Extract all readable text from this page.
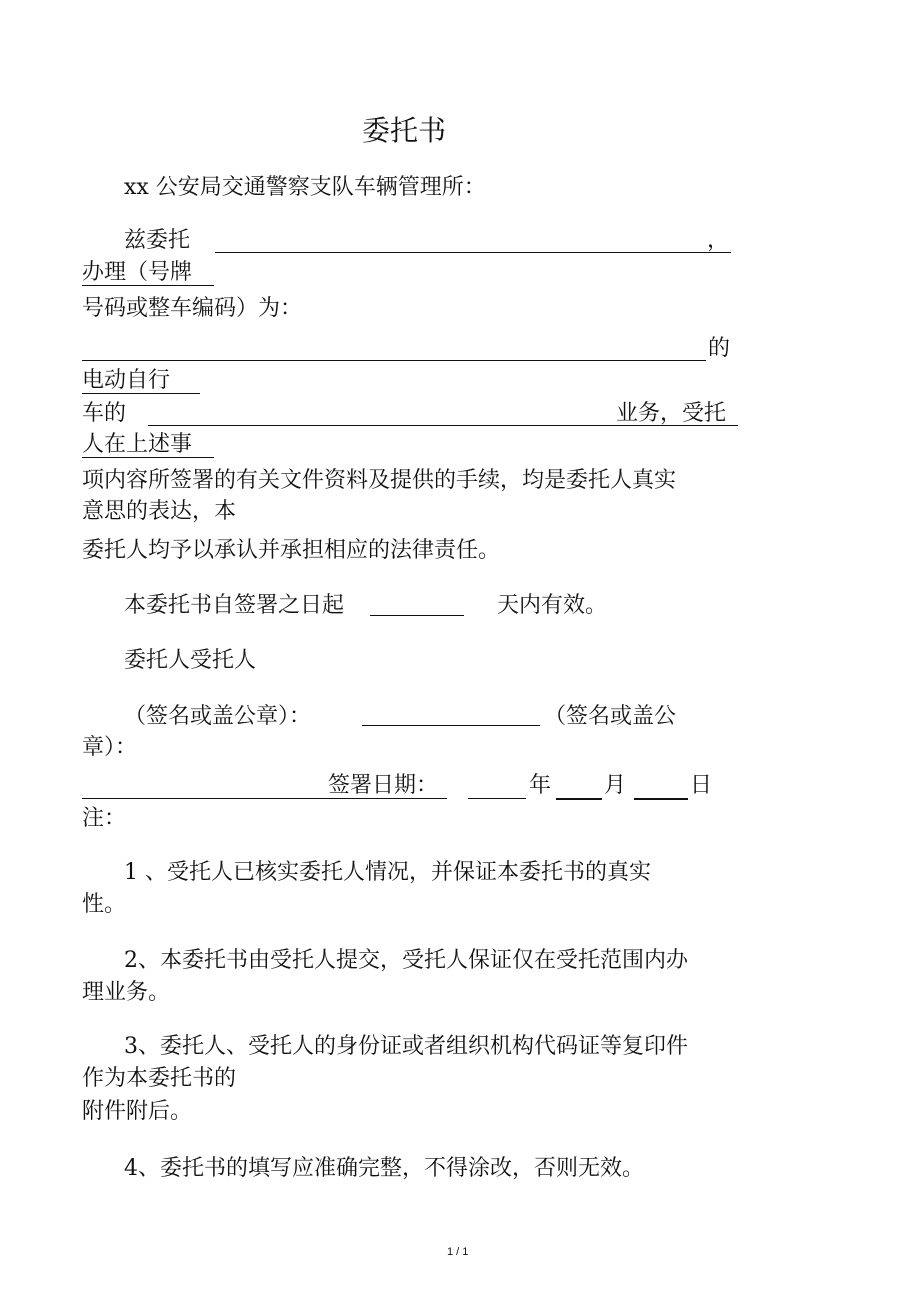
委托书
xx 公安局交通警察支队车辆管理所：
兹委托	，
办理（号牌
号码或整车编码）为：
的
电动自行
车的	业务，受托
人在上述事
项内容所签署的有关文件资料及提供的手续，均是委托人真实
意思的表达，本
委托人均予以承认并承担相应的法律责任。
本委托书自签署之日起	天内有效。
委托人受托人
（签名或盖公章）：	（签名或盖公
章）：
签署日期：	年 月	日
注：
1 、受托人已核实委托人情况，并保证本委托书的真实
性。
2、本委托书由受托人提交，受托人保证仅在受托范围内办
理业务。
3、委托人、受托人的身份证或者组织机构代码证等复印件
作为本委托书的
附件附后。
4、委托书的填写应准确完整，不得涂改，否则无效。
1 / 1
